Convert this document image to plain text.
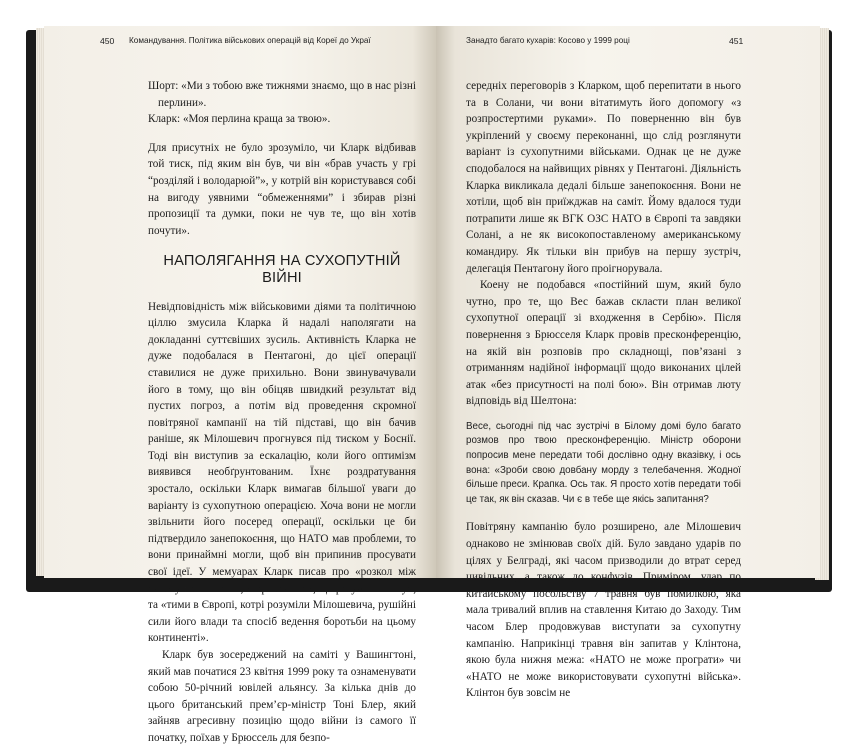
450 Командування. Політика військових операцій від Кореї до Украї	Занадто багато кухарів: Косово у 1999 році	451

Шорт: «Ми з тобою вже тижнями знаємо, що в нас різні перлини».

Кларк: «Моя перлина краща за твою».

Для присутніх не було зрозуміло, чи Кларк відбивав той тиск, під яким він був, чи він «брав участь у грі “розділяй і володарюй”», у котрій він користувався собі на вигоду уявними “обмеженнями” і збирав різні пропозиції та думки, поки не чув те, що він хотів почути».

НАПОЛЯГАННЯ НА СУХОПУТНІЙ ВІЙНІ

Невідповідність між військовими діями та політичною ціллю змусила Кларка й надалі наполягати на докладанні суттєвіших зусиль. Активність Кларка не дуже подобалася в Пентагоні, до цієї операції ставилися не дуже прихильно. Вони звинувачували його в тому, що він обіцяв швидкий результат від пустих погроз, а потім від проведення скромної повітряної кампанії на тій підставі, що він бачив раніше, як Мілошевич прогнувся під тиском у Боснії. Тоді він виступив за ескалацію, коли його оптимізм виявився необґрунтованим. Їхнє роздратування зростало, оскільки Кларк вимагав більшої уваги до варіанту із сухопутною операцією. Хоча вони не могли звільнити його посеред операції, оскільки це би підтвердило занепокоєння, що НАТО мав проблеми, то вони принаймні могли, щоб він припинив просувати свої ідеї. У мемуарах Кларк писав про «розкол між тими у Вашингтоні, котрі вважали, що розуміли війну», та «тими в Європі, котрі розуміли Мілошевича, рушійні сили його влади та спосіб ведення боротьби на цьому континенті».

Кларк був зосереджений на саміті у Вашингтоні, який мав початися 23 квітня 1999 року та ознаменувати собою 50-річний ювілей альянсу. За кілька днів до цього британський прем’єр-міністр Тоні Блер, який зайняв агресивну позицію щодо війни із самого її початку, поїхав у Брюссель для безпо-

середніх переговорів з Кларком, щоб перепитати в нього та в Солани, чи вони вітатимуть його допомогу «з розпростертими руками». По поверненню він був укріплений у своєму переконанні, що слід розглянути варіант із сухопутними військами. Однак це не дуже сподобалося на найвищих рівнях у Пентагоні. Діяльність Кларка викликала дедалі більше занепокоєння. Вони не хотіли, щоб він приїжджав на саміт. Йому вдалося туди потрапити лише як ВГК ОЗС НАТО в Європі та завдяки Солані, а не як високопоставленому американському командиру. Як тільки він прибув на першу зустріч, делегація Пентагону його проігнорувала.

Коену не подобався «постійний шум, який було чутно, про те, що Вес бажав скласти план великої сухопутної операції зі входження в Сербію». Після повернення з Брюсселя Кларк провів пресконференцію, на якій він розповів про складнощі, пов’язані з отриманням надійної інформації щодо виконаних цілей атак «без присутності на полі бою». Він отримав люту відповідь від Шелтона:

Весе, сьогодні під час зустрічі в Білому домі було багато розмов про твою пресконференцію. Міністр оборони попросив мене передати тобі дослівно одну вказівку, і ось вона: «Зроби свою довбану морду з телебачення. Жодної більше преси. Крапка. Ось так. Я просто хотів передати тобі це так, як він сказав. Чи є в тебе ще якісь запитання?

Повітряну кампанію було розширено, але Мілошевич однаково не змінював своїх дій. Було завдано ударів по цілях у Белграді, які часом призводили до втрат серед цивільних, а також до конфузів. Приміром, удар по китайському посольству 7 травня був помилкою, яка мала тривалий вплив на ставлення Китаю до Заходу. Тим часом Блер продовжував виступати за сухопутну кампанію. Наприкінці травня він запитав у Клінтона, якою була нижня межа: «НАТО не може програти» чи «НАТО не може використовувати сухопутні війська». Клінтон був зовсім не
